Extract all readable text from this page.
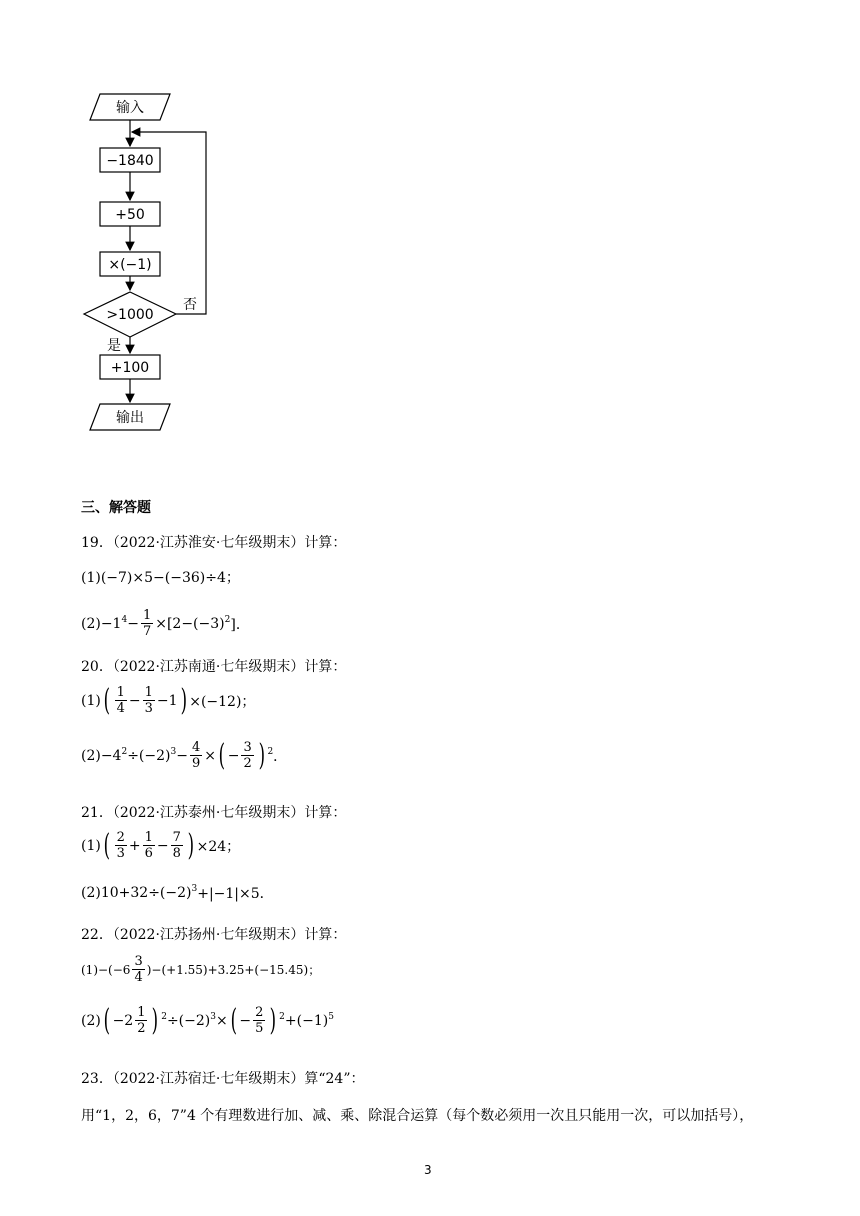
输入
−1840
+50
×(−1)
>1000
否
是
+100
输出
三、解答题
19．（2022·江苏淮安·七年级期末）计算：
(1)(−7)×5−(−36)÷4；
(2)−1 $4 - \frac{1}{7} \times[2-(-3)$ 2 ]．
20．（2022·江苏南通·七年级期末）计算：
(1) ( $\frac{1}{4} - \frac{1}{3} -1$ ) ×(−12)；
(2)−4 2 ÷(−2) $3 - \frac{4}{9}$ × ( − $\frac{3}{2}$ ) 2 ．
21．（2022·江苏泰州·七年级期末）计算：
(1) ( $\frac{2}{3} + \frac{1}{6} - \frac{7}{8}$ ) ×24；
(2)10+32÷(−2) 3 +|−1|×5．
22．（2022·江苏扬州·七年级期末）计算：
$(1)-(-6 \frac{3}{4} )-(+1.55)+3.25+(-15.45)$；
(2) ( $-2 \frac{1}{2}$ ) 2 ÷(−2) 3 × ( − $\frac{2}{5}$ ) 2 +(−1) 5
23．（2022·江苏宿迁·七年级期末）算“24”：
用“1，2，6，7”4 个有理数进行加、减、乘、除混合运算（每个数必须用一次且只能用一次，可以加括号），
3
